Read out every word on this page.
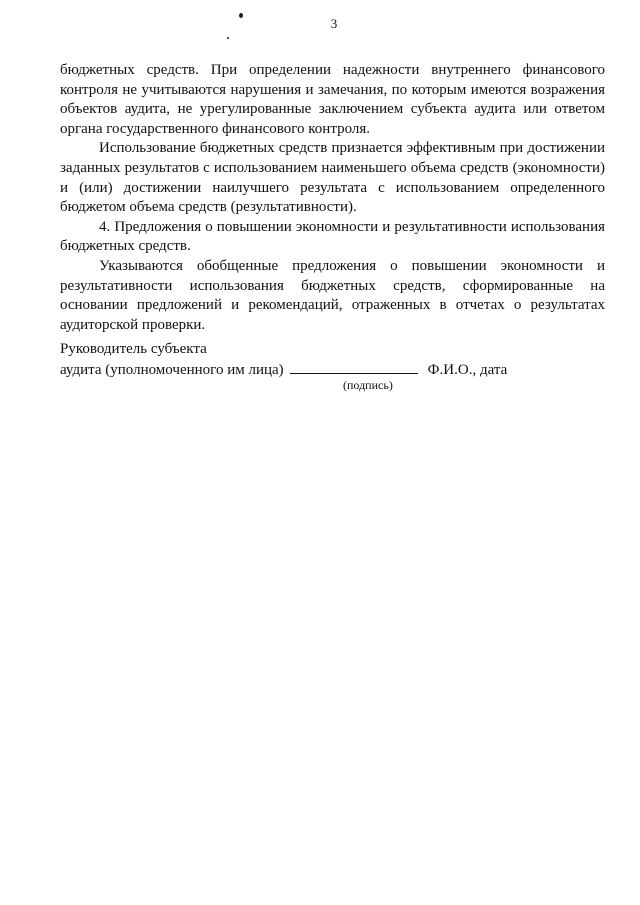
3

бюджетных средств. При определении надежности внутреннего финансового контроля не учитываются нарушения и замечания, по которым имеются возражения объектов аудита, не урегулированные заключением субъекта аудита или ответом органа государственного финансового контроля.

Использование бюджетных средств признается эффективным при достижении заданных результатов с использованием наименьшего объема средств (экономности) и (или) достижении наилучшего результата с использованием определенного бюджетом объема средств (результативности).

4. Предложения о повышении экономности и результативности использования бюджетных средств.

Указываются обобщенные предложения о повышении экономности и результативности использования бюджетных средств, сформированные на основании предложений и рекомендаций, отраженных в отчетах о результатах аудиторской проверки.

Руководитель субъекта
аудита (уполномоченного им лица)	Ф.И.О., дата
(подпись)
